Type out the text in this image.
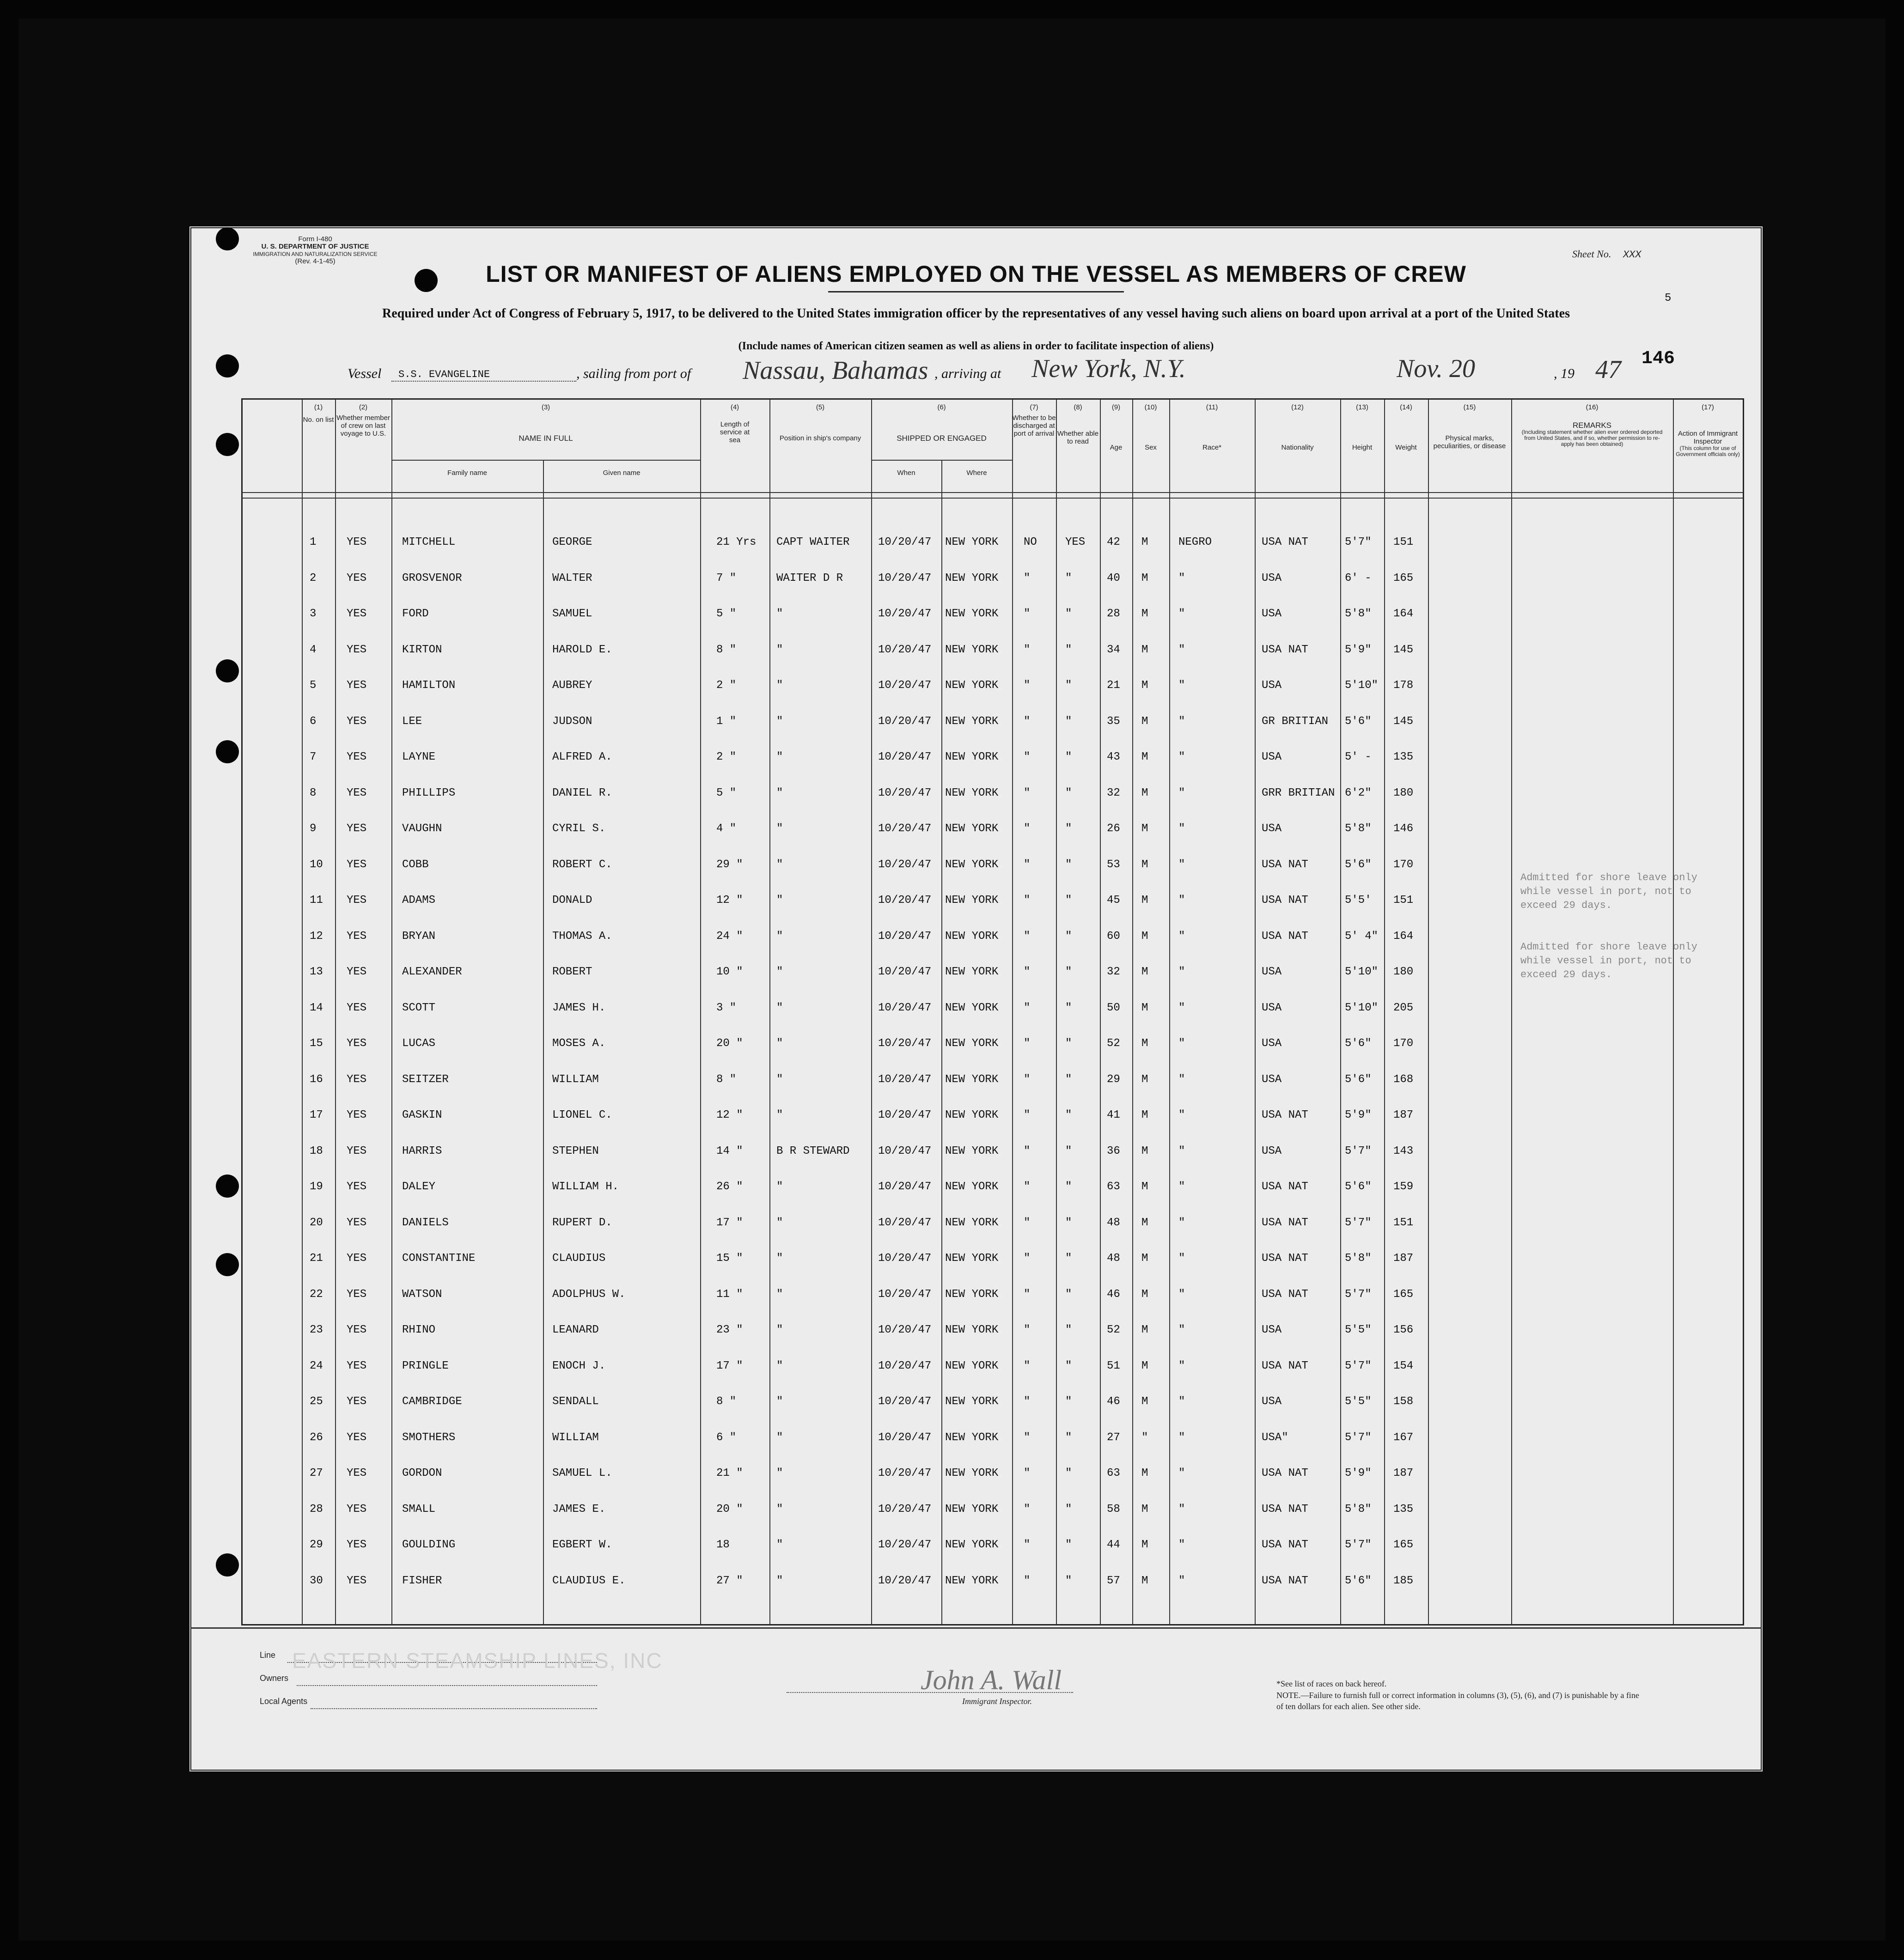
Form I-480
U. S. DEPARTMENT OF JUSTICE
IMMIGRATION AND NATURALIZATION SERVICE
(Rev. 4-1-45)
Sheet No. XXX
5
146
LIST OR MANIFEST OF ALIENS EMPLOYED ON THE VESSEL AS MEMBERS OF CREW
Required under Act of Congress of February 5, 1917, to be delivered to the United States immigration officer by the representatives of any vessel having such aliens on board upon arrival at a port of the United States
(Include names of American citizen seamen as well as aliens in order to facilitate inspection of aliens)
Vessel S.S. EVANGELINE	, sailing from port of Nassau, Bahamas , arriving at New York, N.Y.	Nov. 20	, 19 47
(1)
No. on list
(2)
Whether member of crew on last voyage to U.S.
(3)
NAME IN FULL
Family name	Given name
(4)
Length of service at sea
(5)
Position in ship's company
(6)
SHIPPED OR ENGAGED
When	Where
(7)
Whether to be discharged at port of arrival
(8)
Whether able to read
(9)
Age
(10)
Sex
(11)
Race*
(12)
Nationality
(13)
Height
(14)
Weight
(15)
Physical marks, peculiarities, or disease
(16)
REMARKS
(Including statement whether alien ever ordered deported from United States, and if so, whether permission to re-apply has been obtained)
(17)
Action of Immigrant Inspector
(This column for use of Government officials only)
1	YES	MITCHELL	GEORGE	21 Yrs CAPT WAITER	10/20/47 NEW YORK NO	YES 42 M	NEGRO	USA NAT	5'7" 151
2	YES	GROSVENOR	WALTER	7 "	WAITER D R	10/20/47 NEW YORK "	"	40 M	"	USA	6' - 165
3	YES	FORD	SAMUEL	5 "	"	10/20/47 NEW YORK "	"	28 M	"	USA	5'8" 164
4	YES	KIRTON	HAROLD E.	8 "	"	10/20/47 NEW YORK "	"	34 M	"	USA NAT	5'9" 145
5	YES	HAMILTON	AUBREY	2 "	"	10/20/47 NEW YORK "	"	21 M	"	USA	5'10" 178
6	YES	LEE	JUDSON	1 "	"	10/20/47 NEW YORK "	"	35 M	"	GR BRITIAN 5'6" 145
7	YES	LAYNE	ALFRED A.	2 "	"	10/20/47 NEW YORK "	"	43 M	"	USA	5' - 135
8	YES	PHILLIPS	DANIEL R.	5 "	"	10/20/47 NEW YORK "	"	32 M	"	GRR BRITIAN 6'2" 180
9	YES	VAUGHN	CYRIL S.	4 "	"	10/20/47 NEW YORK "	"	26 M	"	USA	5'8" 146
10 YES	COBB	ROBERT C.	29 "	"	10/20/47 NEW YORK "	"	53 M	"	USA NAT	5'6" 170
11 YES	ADAMS	DONALD	12 "	"	10/20/47 NEW YORK "	"	45 M	"	USA NAT	5'5' 151
12 YES	BRYAN	THOMAS A.	24 "	"	10/20/47 NEW YORK "	"	60 M	"	USA NAT	5' 4" 164
13 YES	ALEXANDER	ROBERT	10 "	"	10/20/47 NEW YORK "	"	32 M	"	USA	5'10" 180
14 YES	SCOTT	JAMES H.	3 "	"	10/20/47 NEW YORK "	"	50 M	"	USA	5'10" 205
15 YES	LUCAS	MOSES A.	20 "	"	10/20/47 NEW YORK "	"	52 M	"	USA	5'6" 170
16 YES	SEITZER	WILLIAM	8 "	"	10/20/47 NEW YORK "	"	29 M	"	USA	5'6" 168
17 YES	GASKIN	LIONEL C.	12 "	"	10/20/47 NEW YORK "	"	41 M	"	USA NAT	5'9" 187
18 YES	HARRIS	STEPHEN	14 "	B R STEWARD	10/20/47 NEW YORK "	"	36 M	"	USA	5'7" 143
19 YES	DALEY	WILLIAM H.	26 "	"	10/20/47 NEW YORK "	"	63 M	"	USA NAT	5'6" 159
20 YES	DANIELS	RUPERT D.	17 "	"	10/20/47 NEW YORK "	"	48 M	"	USA NAT	5'7" 151
21 YES	CONSTANTINE	CLAUDIUS	15 "	"	10/20/47 NEW YORK "	"	48 M	"	USA NAT	5'8" 187
22 YES	WATSON	ADOLPHUS W.	11 "	"	10/20/47 NEW YORK "	"	46 M	"	USA NAT	5'7" 165
23 YES	RHINO	LEANARD	23 "	"	10/20/47 NEW YORK "	"	52 M	"	USA	5'5" 156
24 YES	PRINGLE	ENOCH J.	17 "	"	10/20/47 NEW YORK "	"	51 M	"	USA NAT	5'7" 154
25 YES	CAMBRIDGE	SENDALL	8 "	"	10/20/47 NEW YORK "	"	46 M	"	USA	5'5" 158
26 YES	SMOTHERS	WILLIAM	6 "	"	10/20/47 NEW YORK "	"	27 "	"	USA"	5'7" 167
27 YES	GORDON	SAMUEL L.	21 "	"	10/20/47 NEW YORK "	"	63 M	"	USA NAT	5'9" 187
28 YES	SMALL	JAMES E.	20 "	"	10/20/47 NEW YORK "	"	58 M	"	USA NAT	5'8" 135
29 YES	GOULDING	EGBERT W.	18	"	10/20/47 NEW YORK "	"	44 M	"	USA NAT	5'7" 165
30 YES	FISHER	CLAUDIUS E.	27 "	"	10/20/47 NEW YORK "	"	57 M	"	USA NAT	5'6" 185
Admitted for shore leave only while vessel in port, not to exceed 29 days.
Admitted for shore leave only while vessel in port, not to exceed 29 days.
Line
Owners
Local Agents
EASTERN STEAMSHIP LINES, INC
John A. Wall
Immigrant Inspector.
*See list of races on back hereof.
NOTE.—Failure to furnish full or correct information in columns (3), (5), (6), and (7) is punishable by a fine of ten dollars for each alien. See other side.
